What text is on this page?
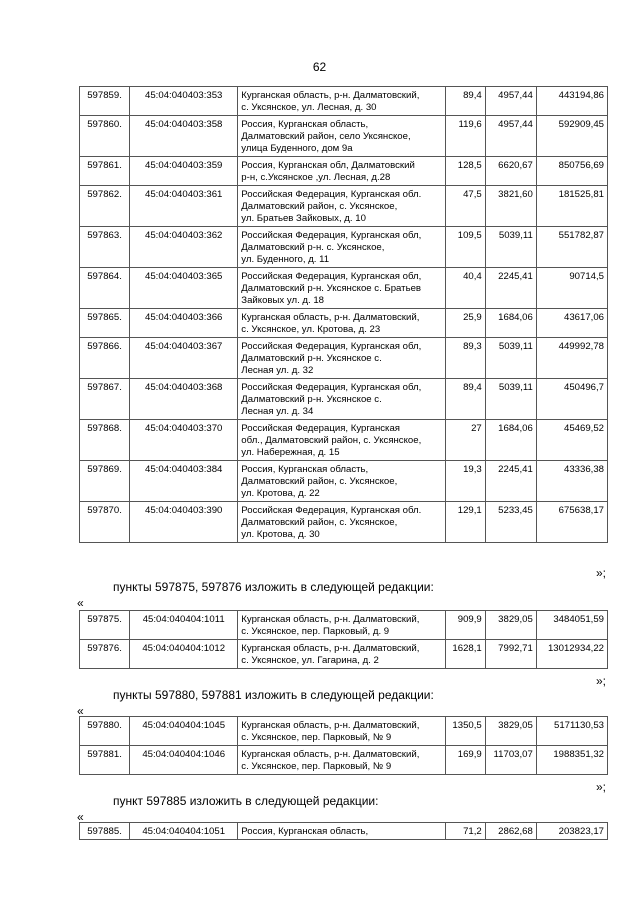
62
597859.	45:04:040403:353	Курганская область, р-н. Далматовский,
с. Уксянское, ул. Лесная, д. 30	89,4	4957,44	443194,86
597860.	45:04:040403:358	Россия, Курганская область,
Далматовский район, село Уксянское,
улица Буденного, дом 9а	119,6	4957,44	592909,45
597861.	45:04:040403:359	Россия, Курганская обл, Далматовский
р-н, с.Уксянское ,ул. Лесная, д.28	128,5	6620,67	850756,69
597862.	45:04:040403:361	Российская Федерация, Курганская обл.
Далматовский район, с. Уксянское,
ул. Братьев Зайковых, д. 10	47,5	3821,60	181525,81
597863.	45:04:040403:362	Российская Федерация, Курганская обл,
Далматовский р-н. с. Уксянское,
ул. Буденного, д. 11	109,5	5039,11	551782,87
597864.	45:04:040403:365	Российская Федерация, Курганская обл,
Далматовский р-н. Уксянское с. Братьев
Зайковых ул. д. 18	40,4	2245,41	90714,5
597865.	45:04:040403:366	Курганская область, р-н. Далматовский,
с. Уксянское, ул. Кротова, д. 23	25,9	1684,06	43617,06
597866.	45:04:040403:367	Российская Федерация, Курганская обл,
Далматовский р-н. Уксянское с.
Лесная ул. д. 32	89,3	5039,11	449992,78
597867.	45:04:040403:368	Российская Федерация, Курганская обл,
Далматовский р-н. Уксянское с.
Лесная ул. д. 34	89,4	5039,11	450496,7
597868.	45:04:040403:370	Российская Федерация, Курганская
обл., Далматовский район, с. Уксянское,
ул. Набережная, д. 15	27	1684,06	45469,52
597869.	45:04:040403:384	Россия, Курганская область,
Далматовский район, с. Уксянское,
ул. Кротова, д. 22	19,3	2245,41	43336,38
597870.	45:04:040403:390	Российская Федерация, Курганская обл.
Далматовский район, с. Уксянское,
ул. Кротова, д. 30	129,1	5233,45	675638,17
»;
пункты 597875, 597876 изложить в следующей редакции:
«
597875.	45:04:040404:1011	Курганская область, р-н. Далматовский,
с. Уксянское, пер. Парковый, д. 9	909,9	3829,05	3484051,59
597876.	45:04:040404:1012	Курганская область, р-н. Далматовский,
с. Уксянское, ул. Гагарина, д. 2	1628,1	7992,71	13012934,22
»;
пункты 597880, 597881 изложить в следующей редакции:
«
597880.	45:04:040404:1045	Курганская область, р-н. Далматовский,
с. Уксянское, пер. Парковый, № 9	1350,5	3829,05	5171130,53
597881.	45:04:040404:1046	Курганская область, р-н. Далматовский,
с. Уксянское, пер. Парковый, № 9	169,9	11703,07	1988351,32
»;
пункт 597885 изложить в следующей редакции:
«
597885.	45:04:040404:1051	Россия, Курганская область,	71,2	2862,68	203823,17
